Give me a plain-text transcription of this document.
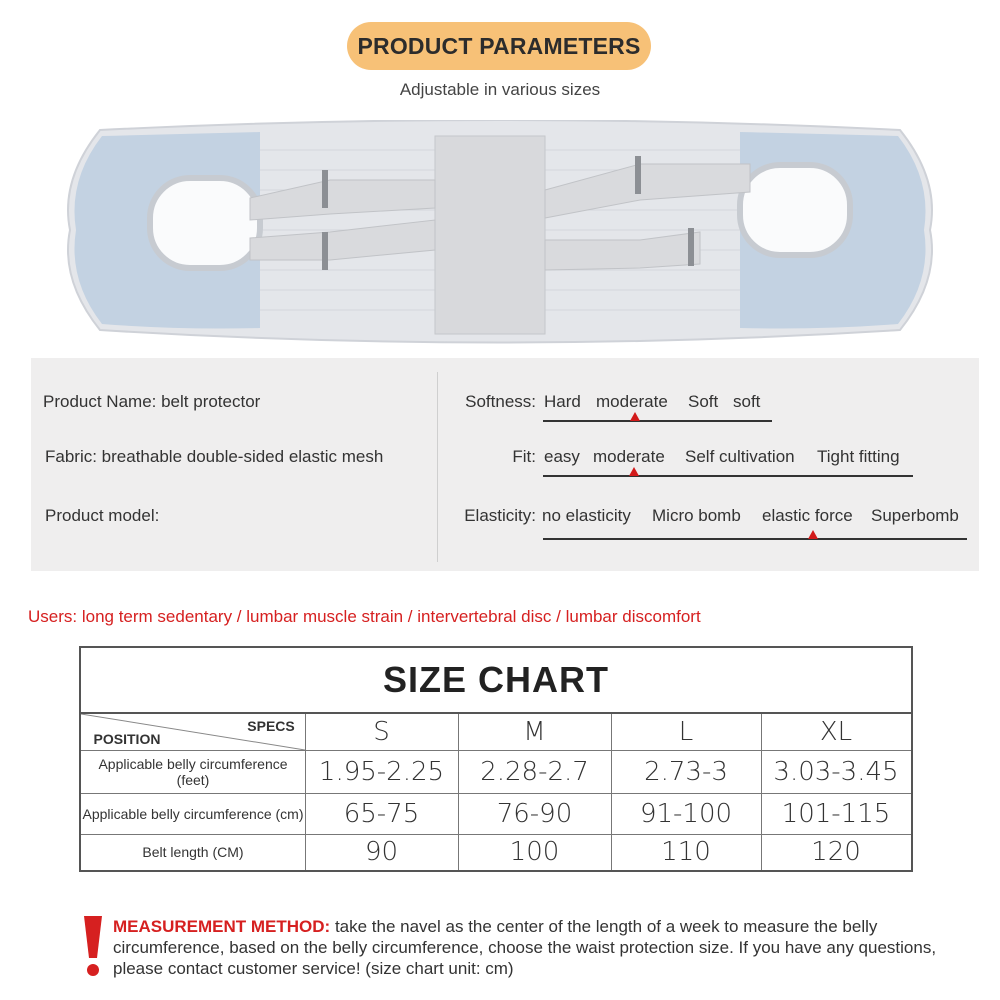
PRODUCT PARAMETERS
Adjustable in various sizes
Product Name: belt protector
Fabric: breathable double-sided elastic mesh
Product model:
Softness: Hard moderate Soft soft
Fit: easy moderate Self cultivation Tight fitting
Elasticity: no elasticity Micro bomb elastic force Superbomb
Users: long term sedentary / lumbar muscle strain / intervertebral disc / lumbar discomfort
SIZE CHART
SPECS
POSITION	S	M	L	XL
Applicable belly circumference (feet)	1.95-2.25	2.28-2.7	2.73-3	3.03-3.45
Applicable belly circumference (cm)	65-75	76-90	91-100	101-115
Belt length (CM)	90	100	110	120
MEASUREMENT METHOD: take the navel as the center of the length of a week to measure the belly circumference, based on the belly circumference, choose the waist protection size. If you have any questions, please contact customer service! (size chart unit: cm)
